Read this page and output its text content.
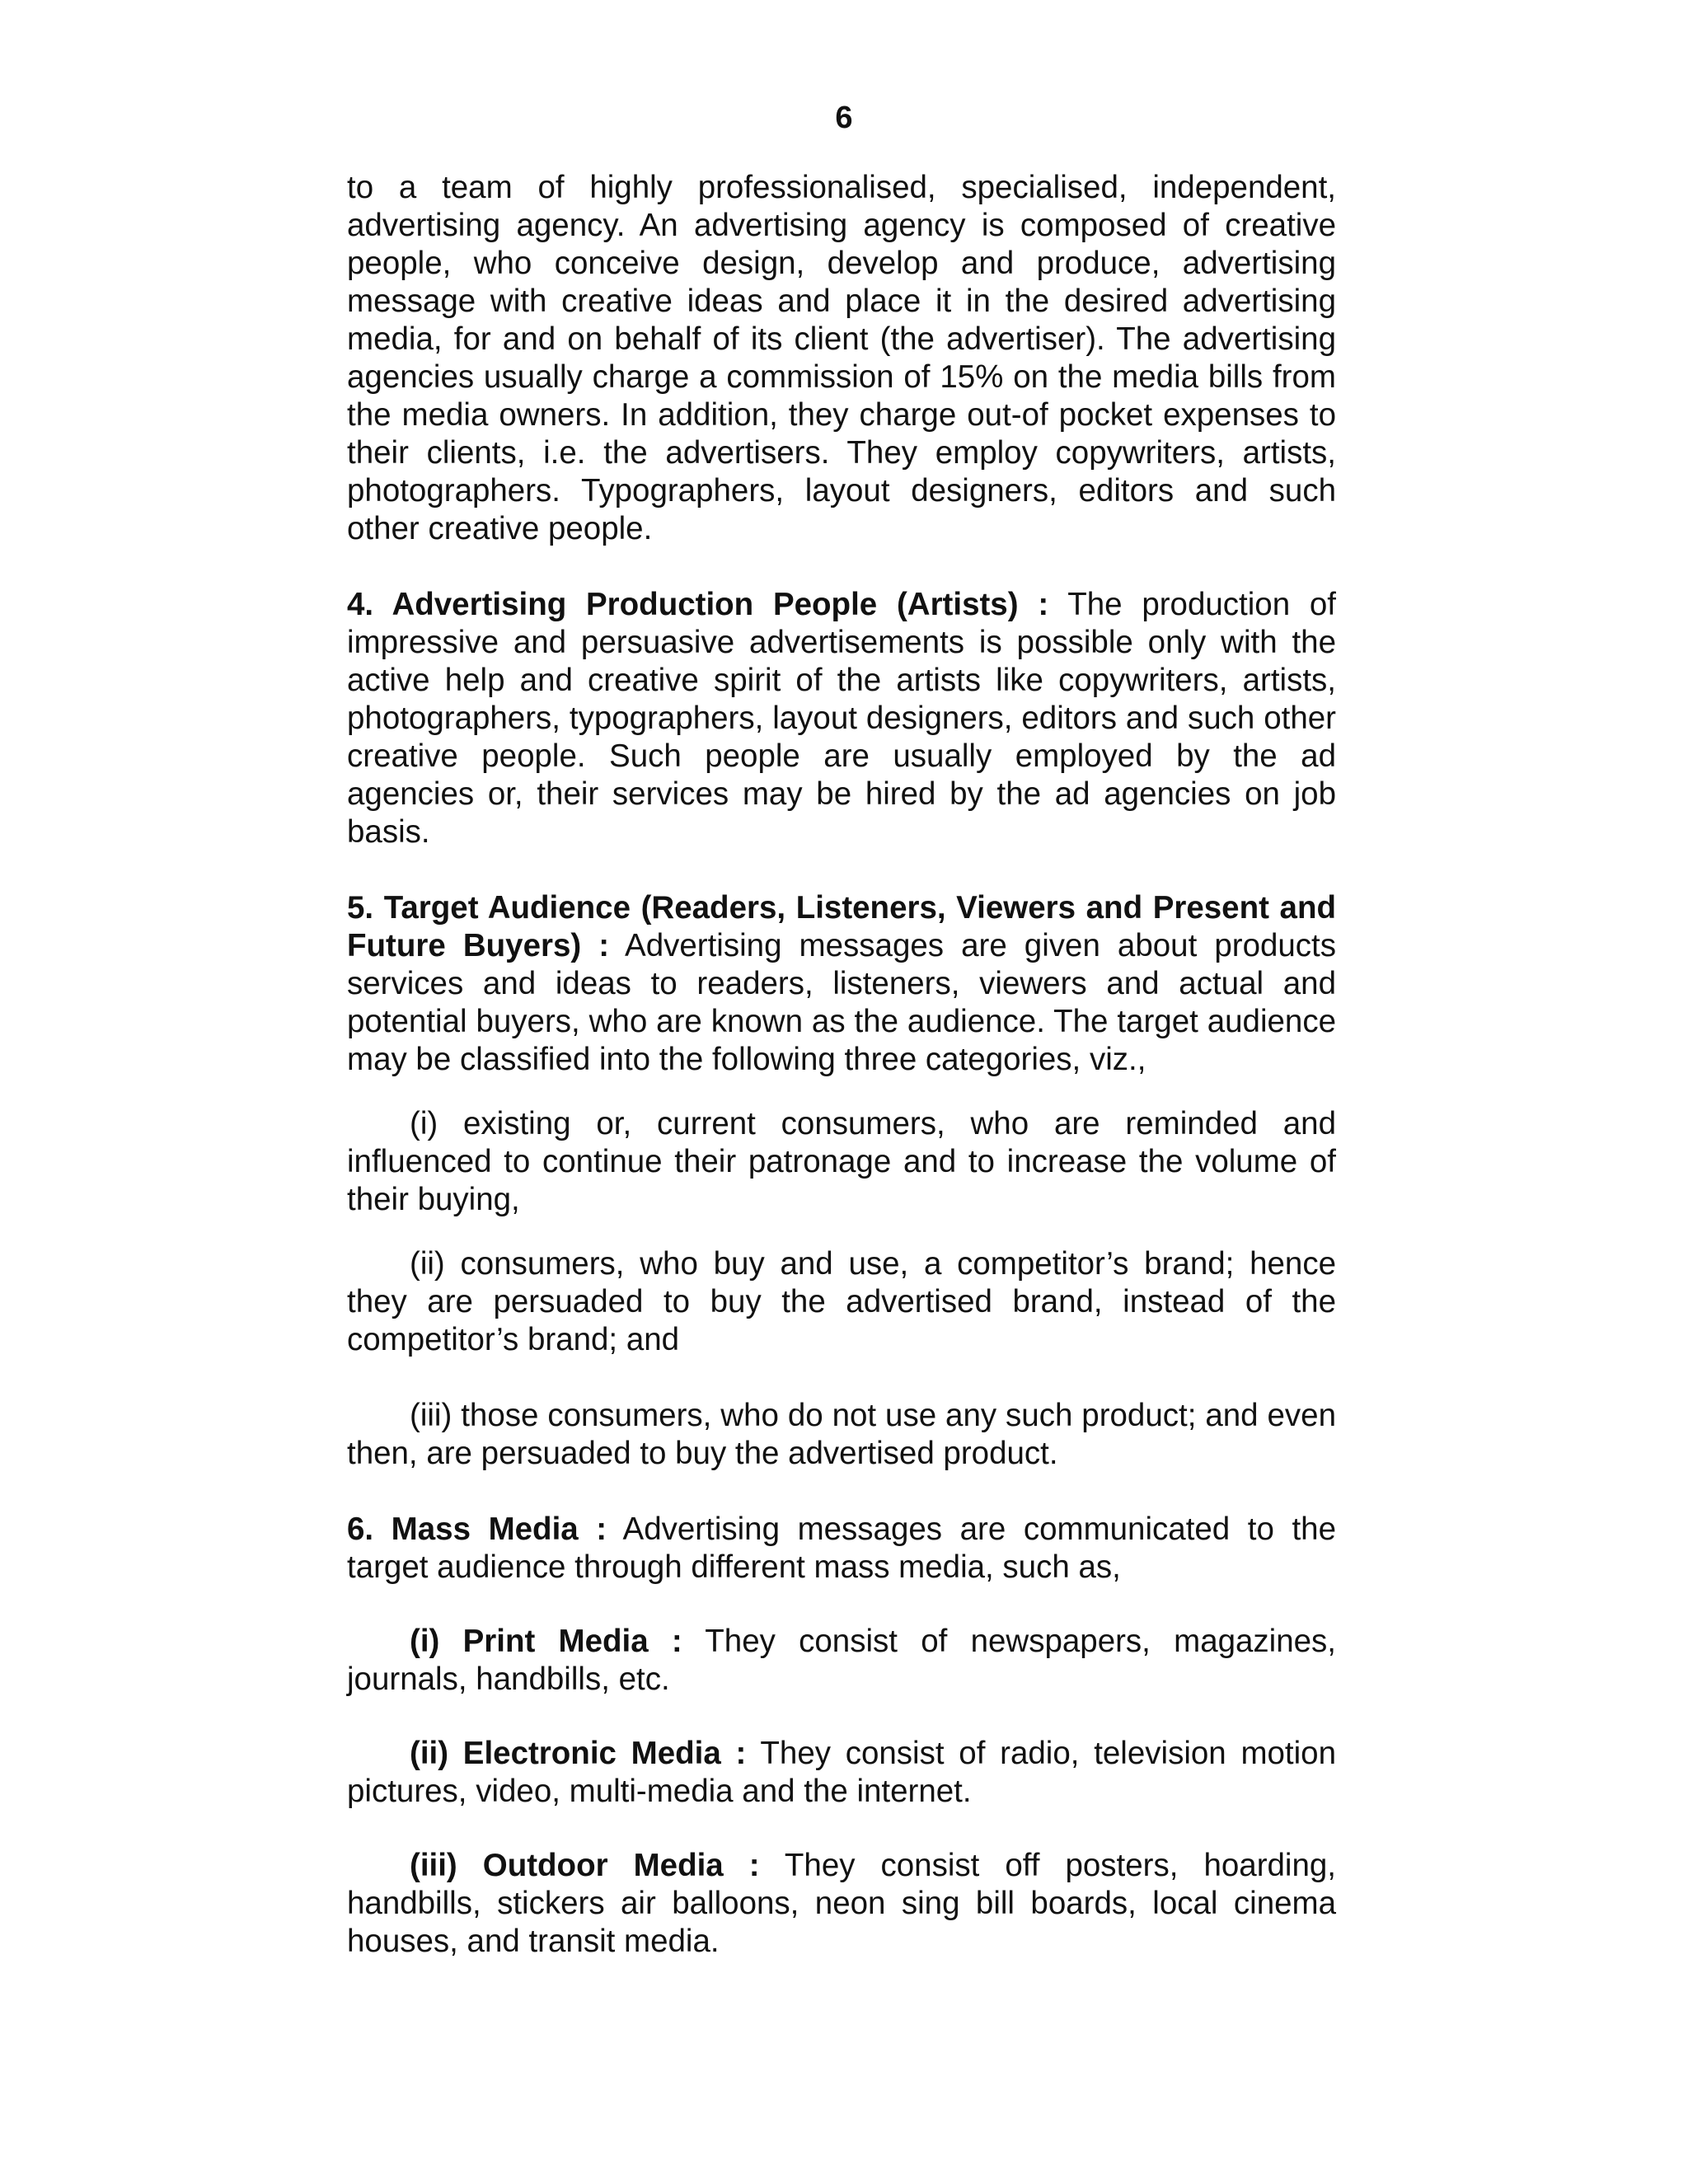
6

to a team of highly professionalised, specialised, independent, advertising agency. An advertising agency is composed of creative people, who conceive design, develop and produce, advertising message with creative ideas and place it in the desired advertising media, for and on behalf of its client (the advertiser). The advertising agencies usually charge a commission of 15% on the media bills from the media owners. In addition, they charge out-of pocket expenses to their clients, i.e. the advertisers. They employ copywriters, artists, photographers. Typographers, layout designers, editors and such other creative people.

4. Advertising Production People (Artists) : The production of impressive and persuasive advertisements is possible only with the active help and creative spirit of the artists like copywriters, artists, photographers, typographers, layout designers, editors and such other creative people. Such people are usually employed by the ad agencies or, their services may be hired by the ad agencies on job basis.

5. Target Audience (Readers, Listeners, Viewers and Present and Future Buyers) : Advertising messages are given about products services and ideas to readers, listeners, viewers and actual and potential buyers, who are known as the audience. The target audience may be classified into the following three categories, viz.,

(i) existing or, current consumers, who are reminded and influenced to continue their patronage and to increase the volume of their buying,

(ii) consumers, who buy and use, a competitor’s brand; hence they are persuaded to buy the advertised brand, instead of the competitor’s brand; and

(iii) those consumers, who do not use any such product; and even then, are persuaded to buy the advertised product.

6. Mass Media : Advertising messages are communicated to the target audience through different mass media, such as,

(i) Print Media : They consist of newspapers, magazines, journals, handbills, etc.

(ii) Electronic Media : They consist of radio, television motion pictures, video, multi-media and the internet.

(iii) Outdoor Media : They consist off posters, hoarding, handbills, stickers air balloons, neon sing bill boards, local cinema houses, and transit media.
